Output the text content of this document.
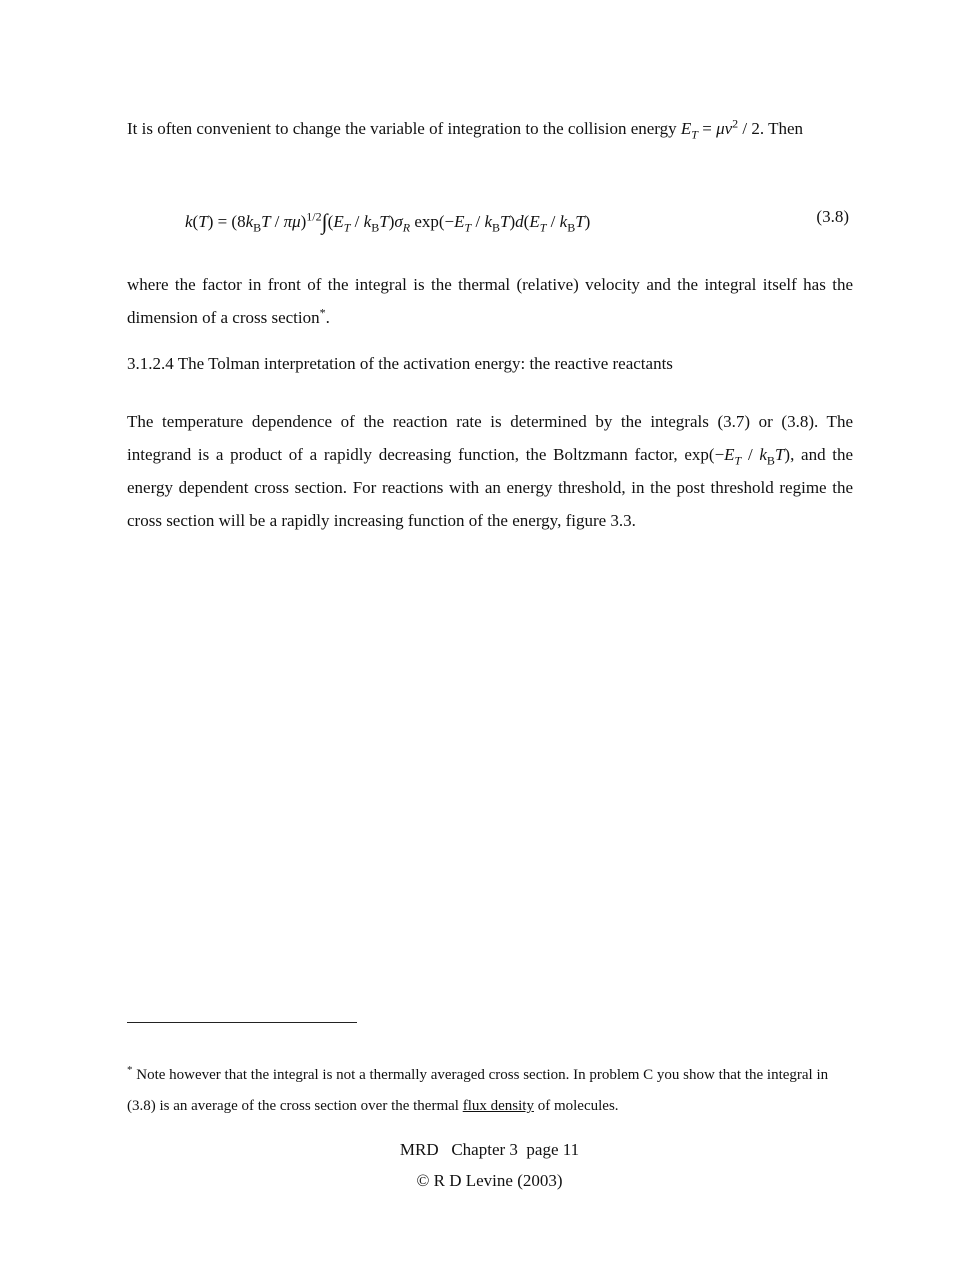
It is often convenient to change the variable of integration to the collision energy $E_T = \mu v^2 / 2$. Then

$k(T) = (8k_BT / \pi\mu)^{1/2}\int(E_T / k_BT)\sigma_R$ $\exp(-E_T / k_BT)d(E_T / k_BT)$	(3.8)

where the factor in front of the integral is the thermal (relative) velocity and the integral itself has the dimension of a cross section*.

3.1.2.4 The Tolman interpretation of the activation energy: the reactive reactants

The temperature dependence of the reaction rate is determined by the integrals (3.7) or (3.8). The integrand is a product of a rapidly decreasing function, the Boltzmann factor, $\exp(-E_T / k_BT)$, and the energy dependent cross section. For reactions with an energy threshold, in the post threshold regime the cross section will be a rapidly increasing function of the energy, figure 3.3.

* Note however that the integral is not a thermally averaged cross section. In problem C you show that the integral in (3.8) is an average of the cross section over the thermal flux density of molecules.
MRD   Chapter 3  page 11
© R D Levine (2003)
